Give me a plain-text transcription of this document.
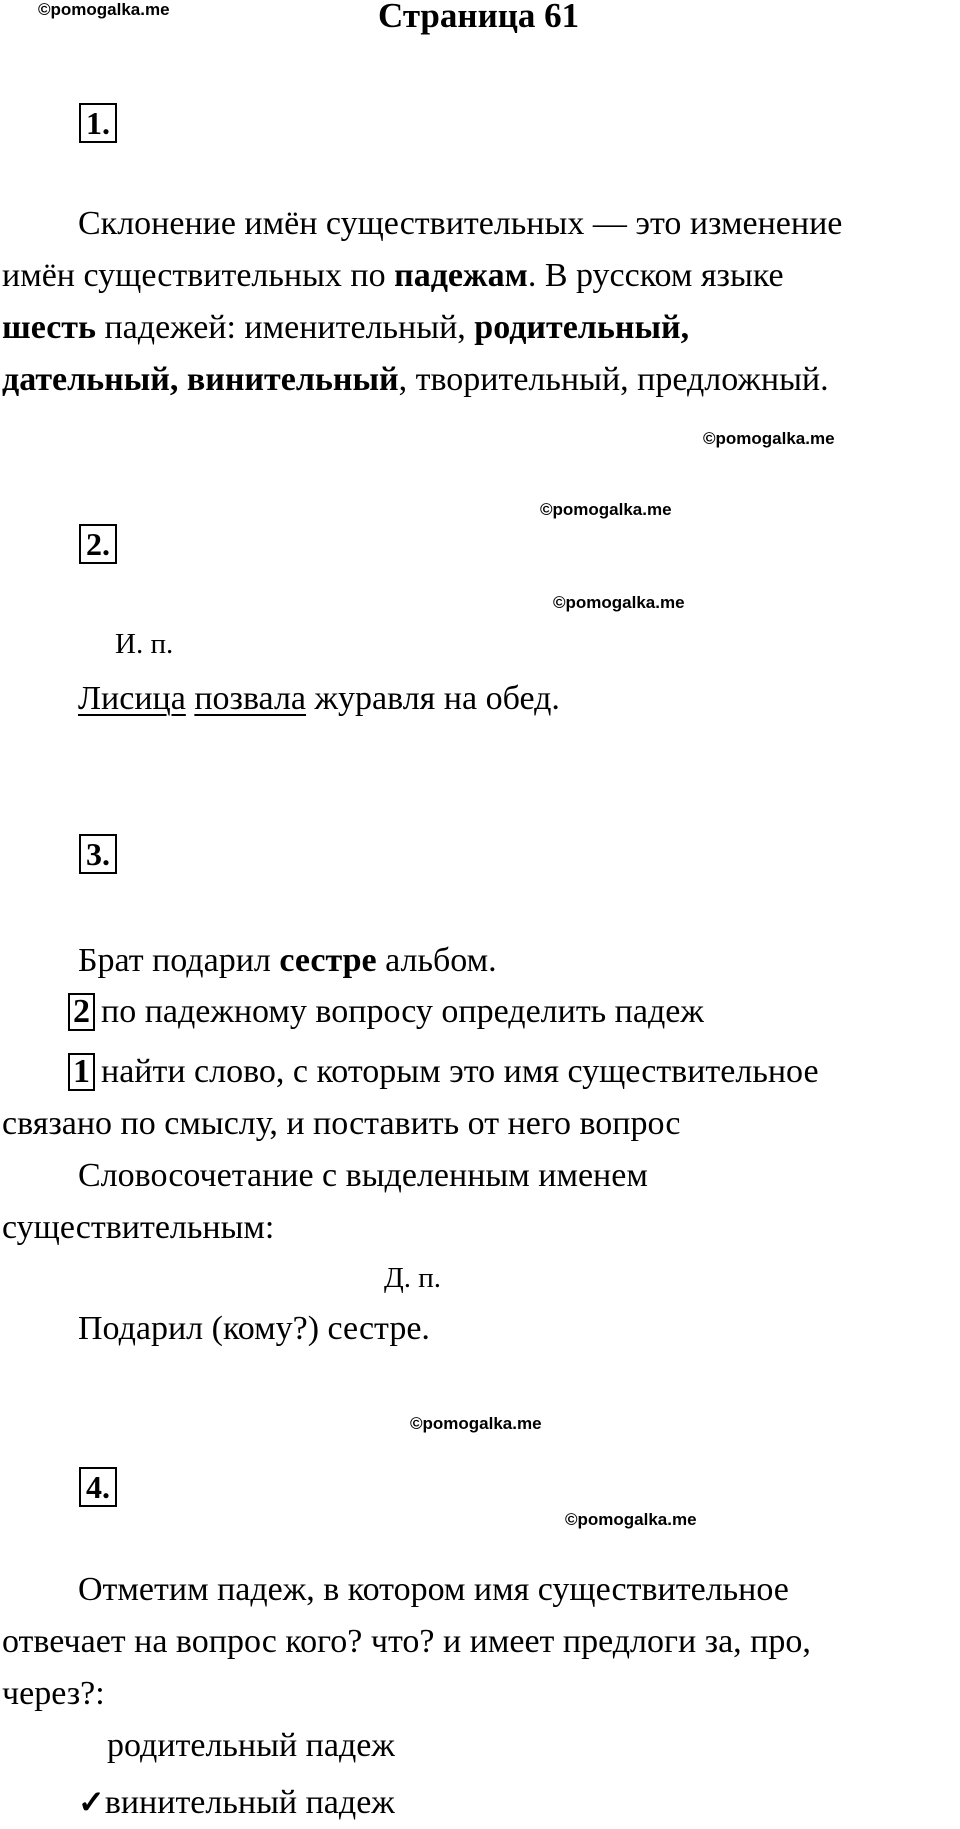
©pomogalka.me	Страница 61
1.
Склонение имён существительных — это изменение
имён существительных по падежам. В русском языке
шесть падежей: именительный, родительный,
дательный, винительный, творительный, предложный.
©pomogalka.me
©pomogalka.me
2.
©pomogalka.me
И. п.
Лисица позвала журавля на обед.
3.
Брат подарил сестре альбом.
2 по падежному вопросу определить падеж
1 найти слово, с которым это имя существительное
связано по смыслу, и поставить от него вопрос
Словосочетание с выделенным именем
существительным:
Д. п.
Подарил (кому?) сестре.
©pomogalka.me
4.
©pomogalka.me
Отметим падеж, в котором имя существительное
отвечает на вопрос кого? что? и имеет предлоги за, про,
через?:
родительный падеж
✓винительный падеж
